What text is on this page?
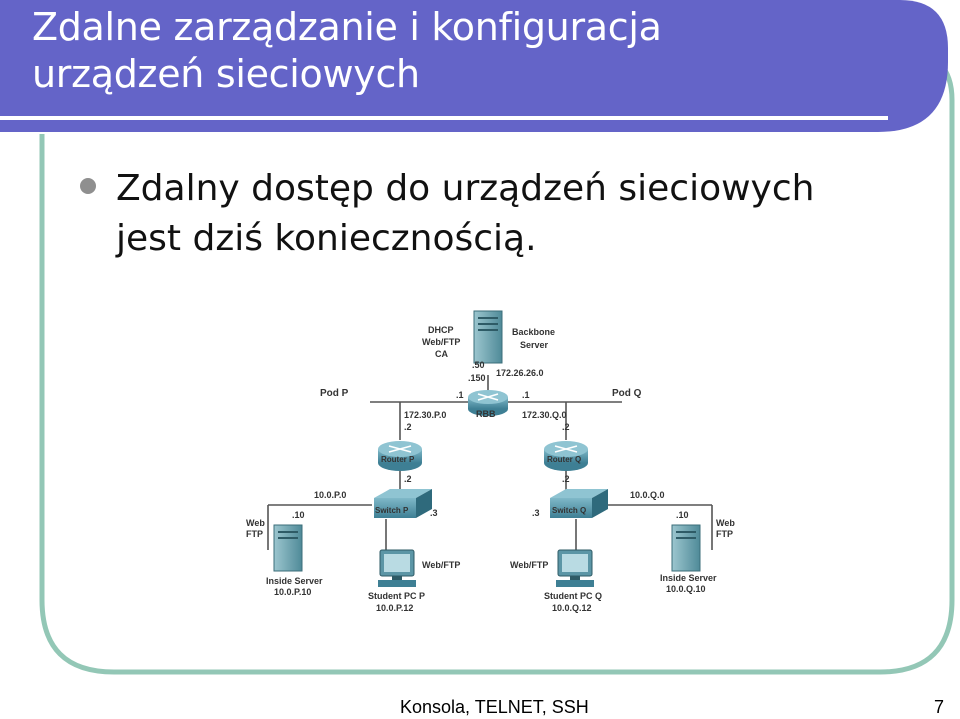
Zdalne zarządzanie i konfiguracja
urządzeń sieciowych
Zdalny dostęp do urządzeń sieciowych jest dziś koniecznością.
DHCP
Web/FTP
CA
Backbone
Server
.50
.150 172.26.26.0
Pod P	Pod Q
RBB
.1	.1
172.30.P.0	172.30.Q.0
.2	.2
Router P	Router Q
.2	.2
10.0.P.0	10.0.Q.0
Switch P	Switch Q
.10	.10
.3	.3
Web
FTP
Web
FTP
Web/FTP	Web/FTP
Inside Server
10.0.P.10
Inside Server
10.0.Q.10
Student PC P
10.0.P.12
Student PC Q
10.0.Q.12
Konsola, TELNET, SSH	7
